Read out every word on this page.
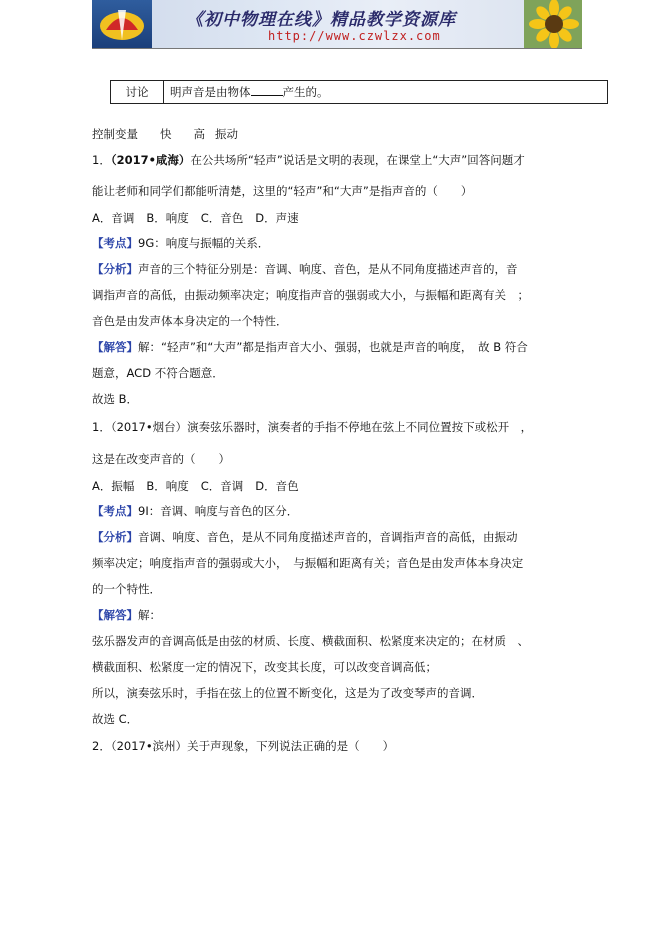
《初中物理在线》精品教学资源库
http://www.czwlzx.com
讨论	明声音是由物体	产生的。
控制变量 快 高 振动
1．（2017•咸海）在公共场所“轻声”说话是文明的表现，在课堂上“大声”回答问题才
能让老师和同学们都能听清楚，这里的“轻声”和“大声”是指声音的（　　）
A．音调 B．响度 C．音色 D．声速
【考点】9G：响度与振幅的关系．
【分析】声音的三个特征分别是：音调、响度、音色，是从不同角度描述声音的，音
调指声音的高低，由振动频率决定；响度指声音的强弱或大小，与振幅和距离有关　；
音色是由发声体本身决定的一个特性．
【解答】解：“轻声”和“大声”都是指声音大小、强弱，也就是声音的响度，　故 B 符合
题意，ACD 不符合题意．
故选 B．
1．（2017•烟台）演奏弦乐器时，演奏者的手指不停地在弦上不同位置按下或松开　，
这是在改变声音的（　　）
A．振幅 B．响度 C．音调 D．音色
【考点】9I：音调、响度与音色的区分．
【分析】音调、响度、音色，是从不同角度描述声音的，音调指声音的高低，由振动
频率决定；响度指声音的强弱或大小，　与振幅和距离有关；音色是由发声体本身决定
的一个特性．
【解答】解：
弦乐器发声的音调高低是由弦的材质、长度、横截面积、松紧度来决定的；在材质　、
横截面积、松紧度一定的情况下，改变其长度，可以改变音调高低；
所以，演奏弦乐时，手指在弦上的位置不断变化，这是为了改变琴声的音调．
故选 C．
2．（2017•滨州）关于声现象，下列说法正确的是（　　）
